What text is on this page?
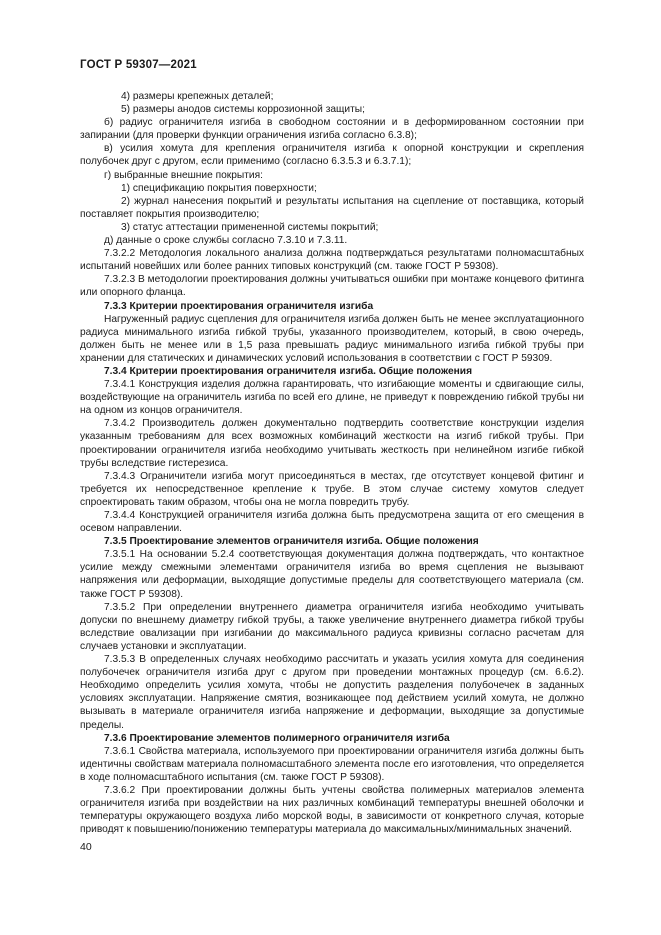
ГОСТ Р 59307—2021

4) размеры крепежных деталей;

5) размеры анодов системы коррозионной защиты;

б) радиус ограничителя изгиба в свободном состоянии и в деформированном состоянии при запирании (для проверки функции ограничения изгиба согласно 6.3.8);

в) усилия хомута для крепления ограничителя изгиба к опорной конструкции и скрепления полубочек друг с другом, если применимо (согласно 6.3.5.3 и 6.3.7.1);

г) выбранные внешние покрытия:

1) спецификацию покрытия поверхности;

2) журнал нанесения покрытий и результаты испытания на сцепление от поставщика, который поставляет покрытия производителю;

3) статус аттестации примененной системы покрытий;

д) данные о сроке службы согласно 7.3.10 и 7.3.11.

7.3.2.2 Методология локального анализа должна подтверждаться результатами полномасштабных испытаний новейших или более ранних типовых конструкций (см. также ГОСТ Р 59308).

7.3.2.3 В методологии проектирования должны учитываться ошибки при монтаже концевого фитинга или опорного фланца.

7.3.3 Критерии проектирования ограничителя изгиба

Нагруженный радиус сцепления для ограничителя изгиба должен быть не менее эксплуатационного радиуса минимального изгиба гибкой трубы, указанного производителем, который, в свою очередь, должен быть не менее или в 1,5 раза превышать радиус минимального изгиба гибкой трубы при хранении для статических и динамических условий использования в соответствии с ГОСТ Р 59309.

7.3.4 Критерии проектирования ограничителя изгиба. Общие положения

7.3.4.1 Конструкция изделия должна гарантировать, что изгибающие моменты и сдвигающие силы, воздействующие на ограничитель изгиба по всей его длине, не приведут к повреждению гибкой трубы ни на одном из концов ограничителя.

7.3.4.2 Производитель должен документально подтвердить соответствие конструкции изделия указанным требованиям для всех возможных комбинаций жесткости на изгиб гибкой трубы. При проектировании ограничителя изгиба необходимо учитывать жесткость при нелинейном изгибе гибкой трубы вследствие гистерезиса.

7.3.4.3 Ограничители изгиба могут присоединяться в местах, где отсутствует концевой фитинг и требуется их непосредственное крепление к трубе. В этом случае систему хомутов следует спроектировать таким образом, чтобы она не могла повредить трубу.

7.3.4.4 Конструкцией ограничителя изгиба должна быть предусмотрена защита от его смещения в осевом направлении.

7.3.5 Проектирование элементов ограничителя изгиба. Общие положения

7.3.5.1 На основании 5.2.4 соответствующая документация должна подтверждать, что контактное усилие между смежными элементами ограничителя изгиба во время сцепления не вызывают напряжения или деформации, выходящие допустимые пределы для соответствующего материала (см. также ГОСТ Р 59308).

7.3.5.2 При определении внутреннего диаметра ограничителя изгиба необходимо учитывать допуски по внешнему диаметру гибкой трубы, а также увеличение внутреннего диаметра гибкой трубы вследствие овализации при изгибании до максимального радиуса кривизны согласно расчетам для случаев установки и эксплуатации.

7.3.5.3 В определенных случаях необходимо рассчитать и указать усилия хомута для соединения полубочечек ограничителя изгиба друг с другом при проведении монтажных процедур (см. 6.6.2). Необходимо определить усилия хомута, чтобы не допустить разделения полубочечек в заданных условиях эксплуатации. Напряжение смятия, возникающее под действием усилий хомута, не должно вызывать в материале ограничителя изгиба напряжение и деформации, выходящие за допустимые пределы.

7.3.6 Проектирование элементов полимерного ограничителя изгиба

7.3.6.1 Свойства материала, используемого при проектировании ограничителя изгиба должны быть идентичны свойствам материала полномасштабного элемента после его изготовления, что определяется в ходе полномасштабного испытания (см. также ГОСТ Р 59308).

7.3.6.2 При проектировании должны быть учтены свойства полимерных материалов элемента ограничителя изгиба при воздействии на них различных комбинаций температуры внешней оболочки и температуры окружающего воздуха либо морской воды, в зависимости от конкретного случая, которые приводят к повышению/понижению температуры материала до максимальных/минимальных значений.

40
